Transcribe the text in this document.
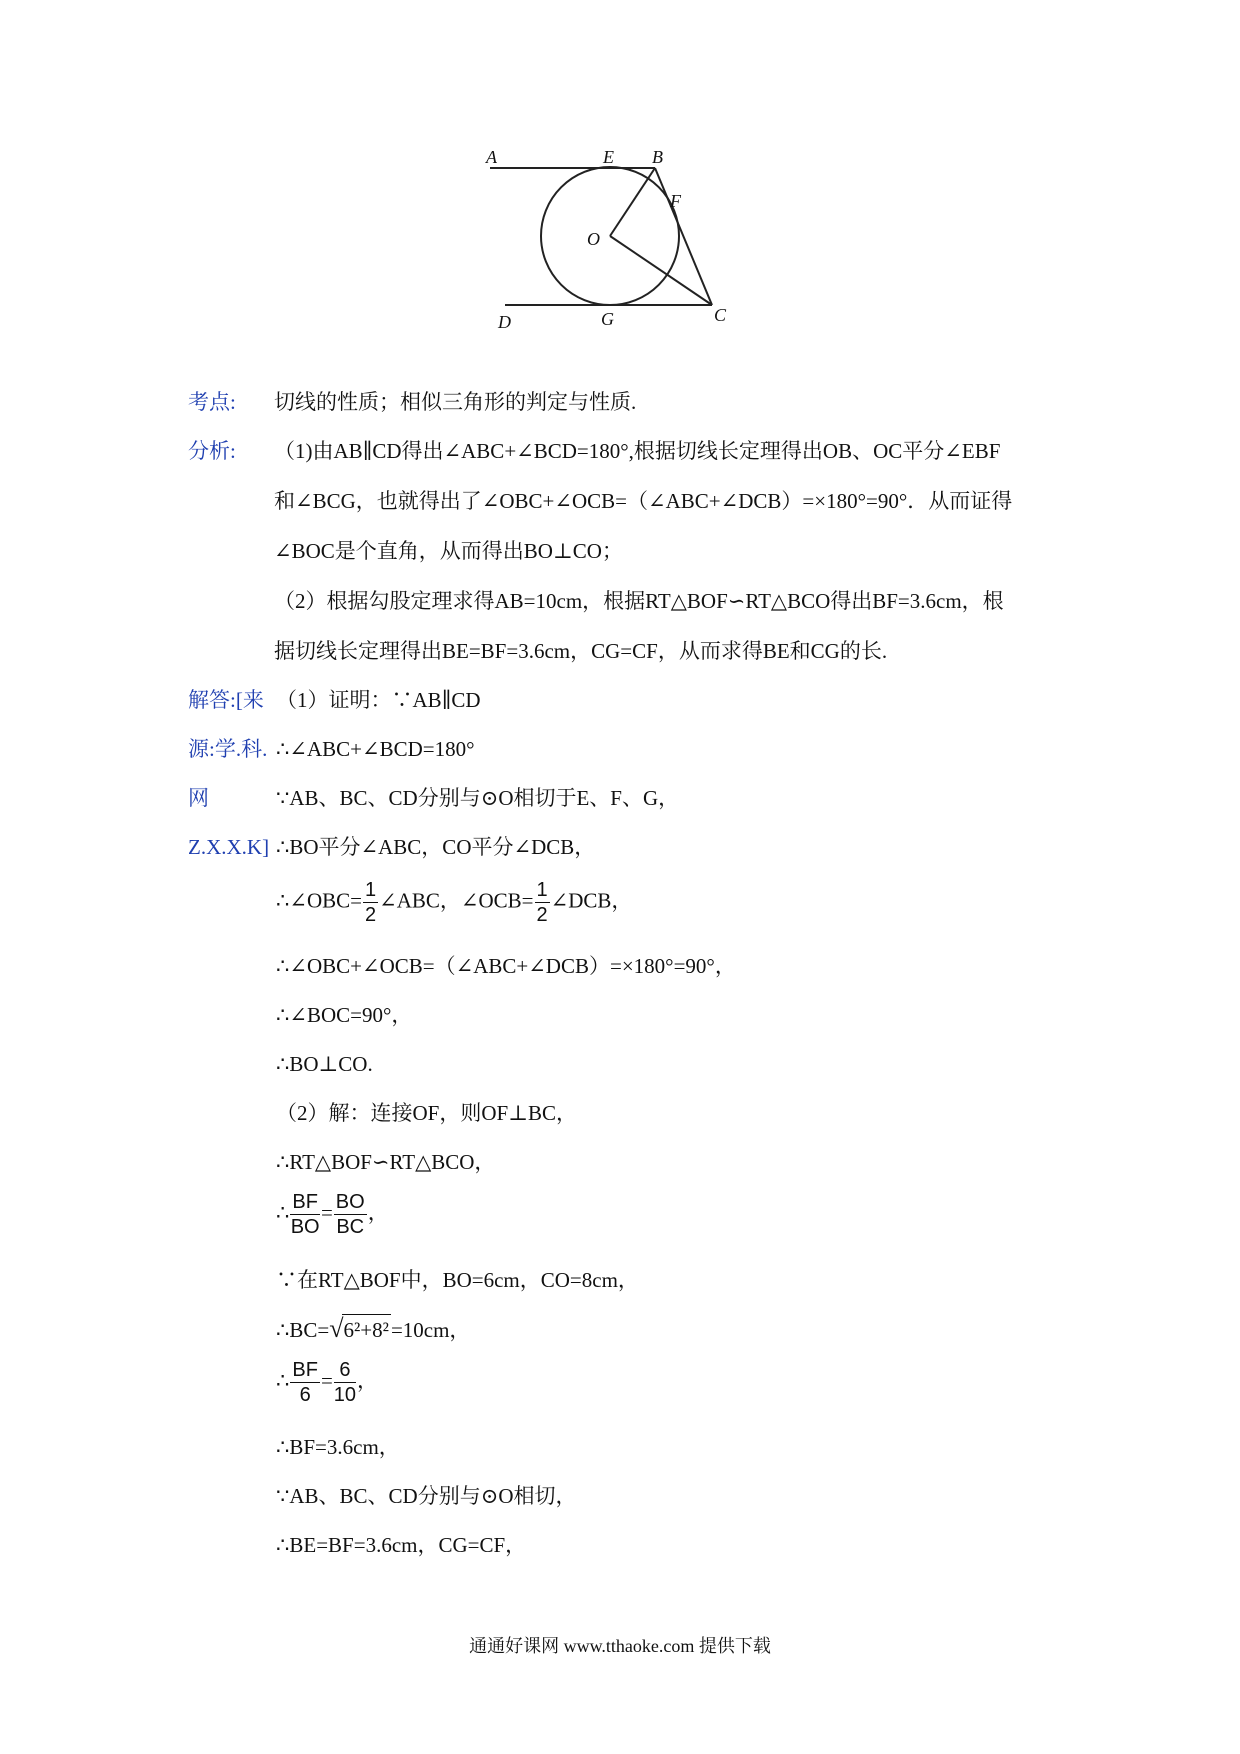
A	E B
F
O
D	G	C
考点: 切线的性质；相似三角形的判定与性质.
分析: （1)由AB∥CD得出∠ABC+∠BCD=180°,根据切线长定理得出OB、OC平分∠EBF
和∠BCG，也就得出了∠OBC+∠OCB=（∠ABC+∠DCB）=×180°=90°．从而证得
∠BOC是个直角，从而得出BO⊥CO；
（2）根据勾股定理求得AB=10cm，根据RT△BOF∽RT△BCO得出BF=3.6cm，根
据切线长定理得出BE=BF=3.6cm，CG=CF，从而求得BE和CG的长.
解答:[来
源:学.科.
网
Z.X.X.K]
（1）证明：∵AB∥CD
∴∠ABC+∠BCD=180°
∵AB、BC、CD分别与⊙O相切于E、F、G，
∴BO平分∠ABC，CO平分∠DCB，
∴∠OBC= $\frac{1}{2}$ ∠ABC，∠OCB= $\frac{1}{2}$ ∠DCB，
∴∠OBC+∠OCB=（∠ABC+∠DCB）=×180°=90°，
∴∠BOC=90°，
∴BO⊥CO.
（2）解：连接OF，则OF⊥BC，
∴RT△BOF∽RT△BCO，
∴ $\frac{BF}{BO} = \frac{BO}{BC}$ ，
∵在RT△BOF中，BO=6cm，CO=8cm，
∴BC=√6²+8²=10cm，
∴ $\frac{BF}{6} = \frac{6}{10}$ ，
∴BF=3.6cm，
∵AB、BC、CD分别与⊙O相切，
∴BE=BF=3.6cm，CG=CF，
通通好课网 www.tthaoke.com 提供下载
